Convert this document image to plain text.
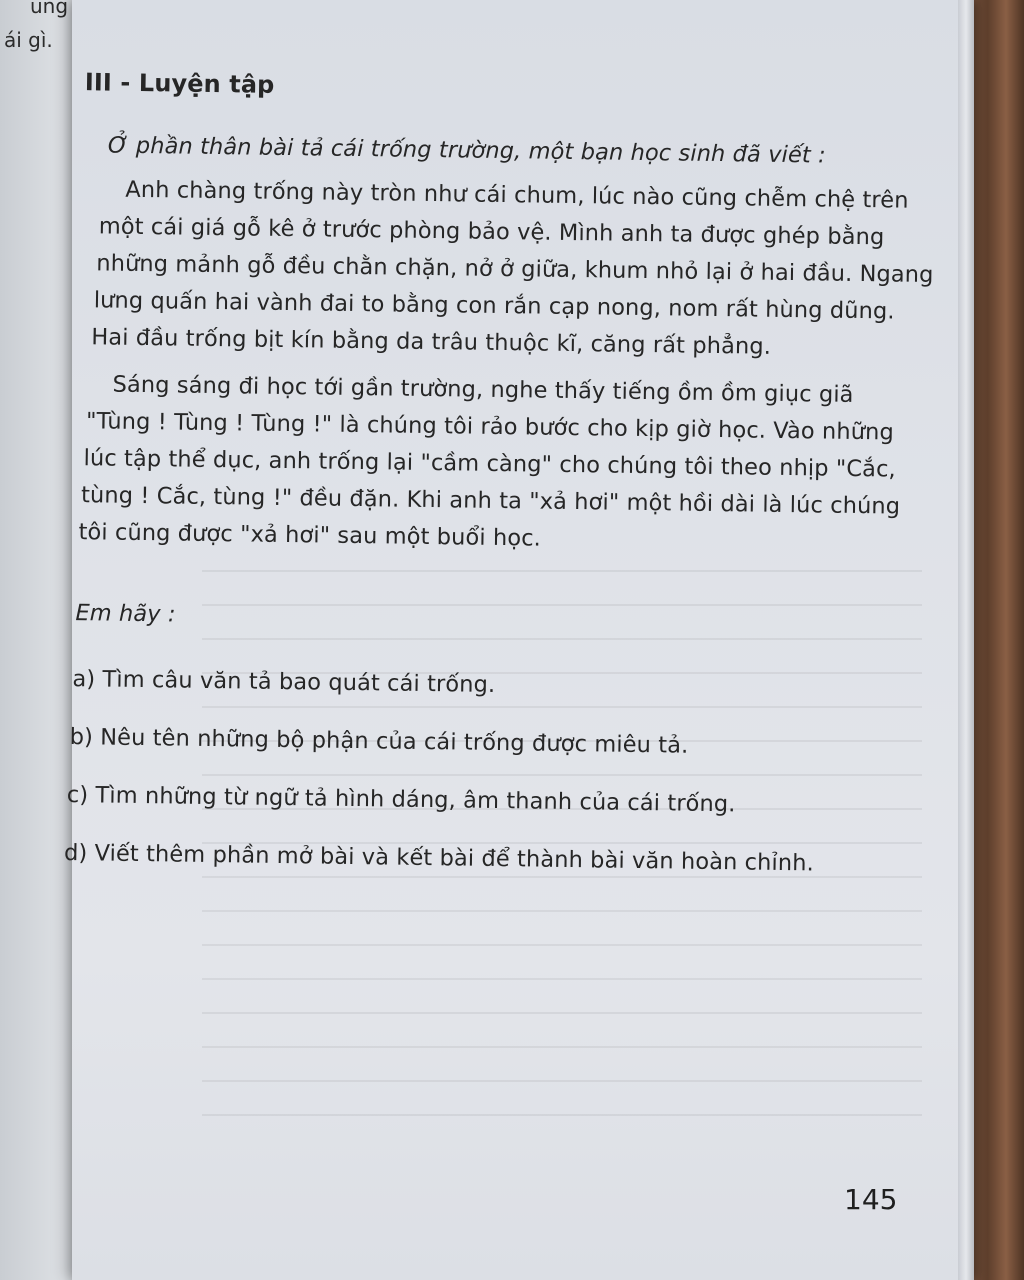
ung
ái gì.
III - Luyện tập
Ở phần thân bài tả cái trống trường, một bạn học sinh đã viết :
Anh chàng trống này tròn như cái chum, lúc nào cũng chễm chệ trên
một cái giá gỗ kê ở trước phòng bảo vệ. Mình anh ta được ghép bằng
những mảnh gỗ đều chằn chặn, nở ở giữa, khum nhỏ lại ở hai đầu. Ngang
lưng quấn hai vành đai to bằng con rắn cạp nong, nom rất hùng dũng.
Hai đầu trống bịt kín bằng da trâu thuộc kĩ, căng rất phẳng.
Sáng sáng đi học tới gần trường, nghe thấy tiếng ồm ồm giục giã
"Tùng ! Tùng ! Tùng !" là chúng tôi rảo bước cho kịp giờ học. Vào những
lúc tập thể dục, anh trống lại "cầm càng" cho chúng tôi theo nhịp "Cắc,
tùng ! Cắc, tùng !" đều đặn. Khi anh ta "xả hơi" một hồi dài là lúc chúng
tôi cũng được "xả hơi" sau một buổi học.
Em hãy :
a) Tìm câu văn tả bao quát cái trống.
b) Nêu tên những bộ phận của cái trống được miêu tả.
c) Tìm những từ ngữ tả hình dáng, âm thanh của cái trống.
d) Viết thêm phần mở bài và kết bài để thành bài văn hoàn chỉnh.
145
